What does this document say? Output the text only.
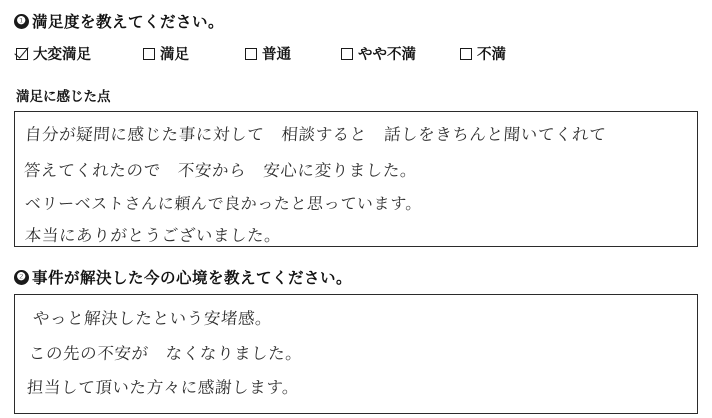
❶ 満足度を教えてください。
大変満足	満足	普通	やや不満	不満
満足に感じた点
自分が疑問に感じた事に対して　相談すると　話しをきちんと聞いてくれて
答えてくれたので　不安から　安心に変りました。
ベリーベストさんに頼んで良かったと思っています。
本当にありがとうございました。
❷ 事件が解決した今の心境を教えてください。
やっと解決したという安堵感。
この先の不安が　なくなりました。
担当して頂いた方々に感謝します。
